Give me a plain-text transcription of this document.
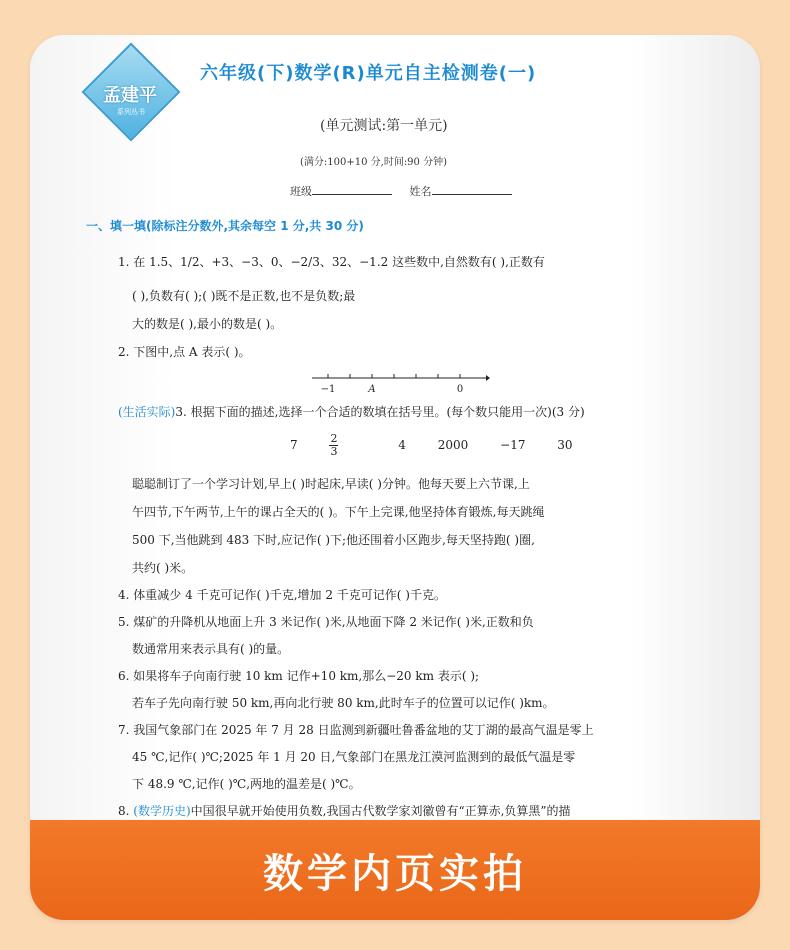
孟建平
系列丛书
六年级(下)数学(R)单元自主检测卷(一)
(单元测试:第一单元)
(满分:100+10 分,时间:90 分钟)
班级	姓名
一、填一填(除标注分数外,其余每空 1 分,共 30 分)
1. 在 1.5、1/2、+3、−3、0、−2/3、32、−1.2 这些数中,自然数有( ),正数有
( ),负数有( );( )既不是正数,也不是负数;最
大的数是( ),最小的数是( )。
2. 下图中,点 A 表示( )。
−1	A	0
(生活实际)3. 根据下面的描述,选择一个合适的数填在括号里。(每个数只能用一次)(3 分)
7	$\frac{2}{3}$	4	2000	−17	30
聪聪制订了一个学习计划,早上( )时起床,早读( )分钟。他每天要上六节课,上
午四节,下午两节,上午的课占全天的( )。下午上完课,他坚持体育锻炼,每天跳绳
500 下,当他跳到 483 下时,应记作( )下;他还围着小区跑步,每天坚持跑( )圈,
共约( )米。
4. 体重减少 4 千克可记作( )千克,增加 2 千克可记作( )千克。
5. 煤矿的升降机从地面上升 3 米记作( )米,从地面下降 2 米记作( )米,正数和负
数通常用来表示具有( )的量。
6. 如果将车子向南行驶 10 km 记作+10 km,那么−20 km 表示( );
若车子先向南行驶 50 km,再向北行驶 80 km,此时车子的位置可以记作( )km。
7. 我国气象部门在 2025 年 7 月 28 日监测到新疆吐鲁番盆地的艾丁湖的最高气温是零上
45 ℃,记作( )℃;2025 年 1 月 20 日,气象部门在黑龙江漠河监测到的最低气温是零
下 48.9 ℃,记作( )℃,两地的温差是( )℃。
8. (数学历史)中国很早就开始使用负数,我国古代数学家刘徽曾有“正算赤,负算黑”的描
数学内页实拍
